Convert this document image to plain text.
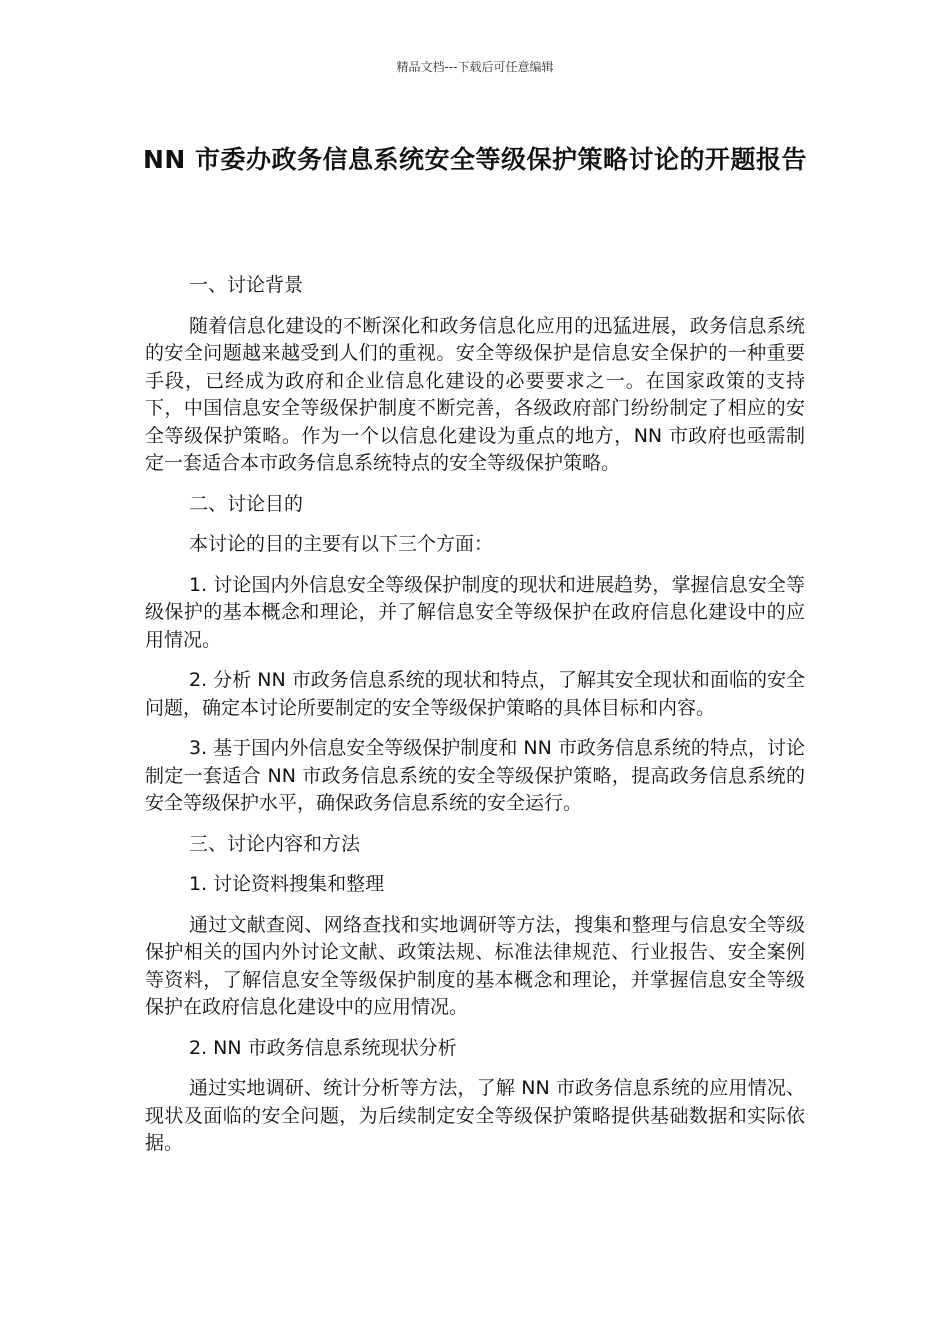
精品文档---下载后可任意编辑
NN 市委办政务信息系统安全等级保护策略讨论的开题报告

一、讨论背景

随着信息化建设的不断深化和政务信息化应用的迅猛进展，政务信息系统的安全问题越来越受到人们的重视。安全等级保护是信息安全保护的一种重要手段，已经成为政府和企业信息化建设的必要要求之一。在国家政策的支持下，中国信息安全等级保护制度不断完善，各级政府部门纷纷制定了相应的安全等级保护策略。作为一个以信息化建设为重点的地方，NN 市政府也亟需制定一套适合本市政务信息系统特点的安全等级保护策略。

二、讨论目的

本讨论的目的主要有以下三个方面：

1. 讨论国内外信息安全等级保护制度的现状和进展趋势，掌握信息安全等级保护的基本概念和理论，并了解信息安全等级保护在政府信息化建设中的应用情况。

2. 分析 NN 市政务信息系统的现状和特点，了解其安全现状和面临的安全问题，确定本讨论所要制定的安全等级保护策略的具体目标和内容。

3. 基于国内外信息安全等级保护制度和 NN 市政务信息系统的特点，讨论制定一套适合 NN 市政务信息系统的安全等级保护策略，提高政务信息系统的安全等级保护水平，确保政务信息系统的安全运行。

三、讨论内容和方法

1. 讨论资料搜集和整理

通过文献查阅、网络查找和实地调研等方法，搜集和整理与信息安全等级保护相关的国内外讨论文献、政策法规、标准法律规范、行业报告、安全案例等资料，了解信息安全等级保护制度的基本概念和理论，并掌握信息安全等级保护在政府信息化建设中的应用情况。

2. NN 市政务信息系统现状分析

通过实地调研、统计分析等方法，了解 NN 市政务信息系统的应用情况、现状及面临的安全问题，为后续制定安全等级保护策略提供基础数据和实际依据。
